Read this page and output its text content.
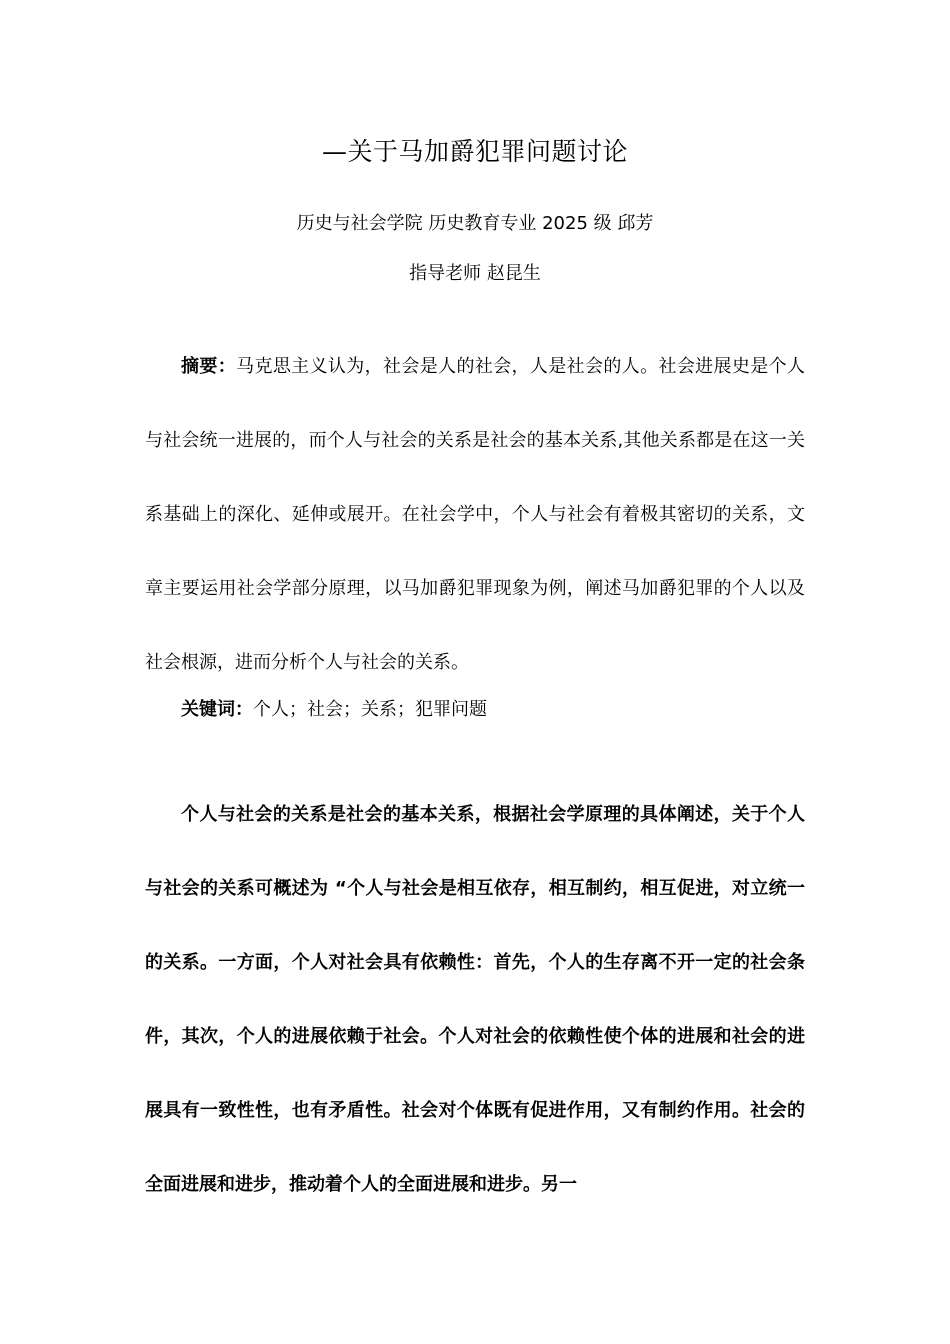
—关于马加爵犯罪问题讨论
历史与社会学院 历史教育专业 2025 级 邱芳
指导老师 赵昆生

摘要：马克思主义认为，社会是人的社会，人是社会的人。社会进展史是个人与社会统一进展的，而个人与社会的关系是社会的基本关系,其他关系都是在这一关系基础上的深化、延伸或展开。在社会学中，个人与社会有着极其密切的关系，文章主要运用社会学部分原理，以马加爵犯罪现象为例，阐述马加爵犯罪的个人以及社会根源，进而分析个人与社会的关系。

关键词：个人；社会；关系；犯罪问题

个人与社会的关系是社会的基本关系，根据社会学原理的具体阐述，关于个人与社会的关系可概述为 “个人与社会是相互依存，相互制约，相互促进，对立统一的关系。一方面，个人对社会具有依赖性：首先，个人的生存离不开一定的社会条件，其次，个人的进展依赖于社会。个人对社会的依赖性使个体的进展和社会的进展具有一致性性，也有矛盾性。社会对个体既有促进作用，又有制约作用。社会的全面进展和进步，推动着个人的全面进展和进步。另一
